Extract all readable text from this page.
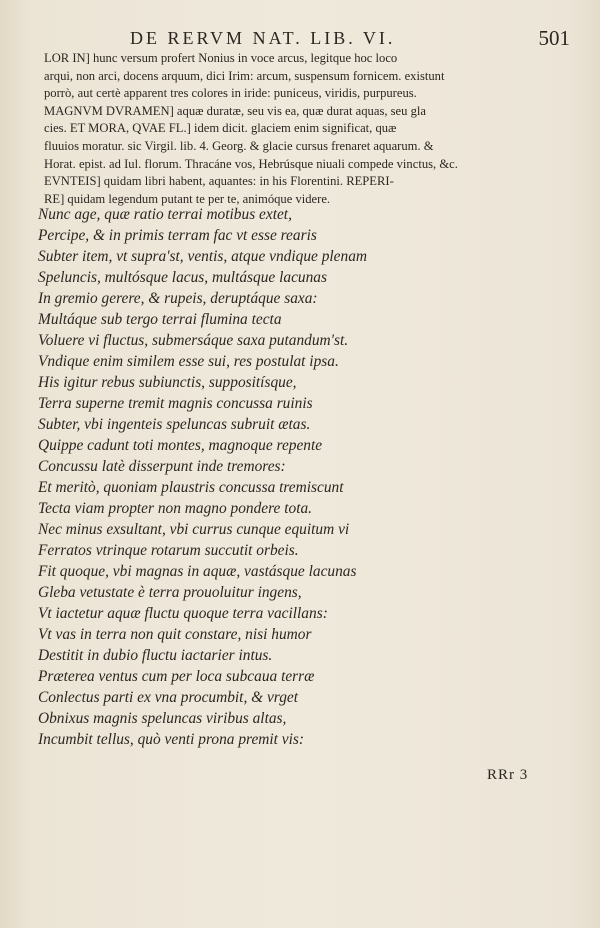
DE RERVM NAT. LIB. VI.	501
LOR IN] hunc versum profert Nonius in voce arcus, legitque hoc loco
arqui, non arci, docens arquum, dici Irim: arcum, suspensum fornicem. existunt
porrò, aut certè apparent tres colores in iride: puniceus, viridis, purpureus.
MAGNVM DVRAMEN] aquæ duratæ, seu vis ea, quæ durat aquas, seu gla
cies. ET MORA, QVAE FL.] idem dicit. glaciem enim significat, quæ
fluuios moratur. sic Virgil. lib. 4. Georg. & glacie cursus frenaret aquarum. &
Horat. epist. ad Iul. florum. Thracáne vos, Hebrúsque niuali compede vinctus, &c.
EVNTEIS] quidam libri habent, aquantes: in his Florentini. REPERI-
RE] quidam legendum putant te per te, animóque videre.
Nunc age, quæ ratio terrai motibus extet,
Percipe, & in primis terram fac vt esse rearis
Subter item, vt supra'st, ventis, atque vndique plenam
Speluncis, multósque lacus, multásque lacunas
In gremio gerere, & rupeis, deruptáque saxa:
Multáque sub tergo terrai flumina tecta
Voluere vi fluctus, submersáque saxa putandum'st.
Vndique enim similem esse sui, res postulat ipsa.
His igitur rebus subiunctis, suppositísque,
Terra superne tremit magnis concussa ruinis
Subter, vbi ingenteis speluncas subruit ætas.
Quippe cadunt toti montes, magnoque repente
Concussu latè disserpunt inde tremores:
Et meritò, quoniam plaustris concussa tremiscunt
Tecta viam propter non magno pondere tota.
Nec minus exsultant, vbi currus cunque equitum vi
Ferratos vtrinque rotarum succutit orbeis.
Fit quoque, vbi magnas in aquæ, vastásque lacunas
Gleba vetustate è terra prouoluitur ingens,
Vt iactetur aquæ fluctu quoque terra vacillans:
Vt vas in terra non quit constare, nisi humor
Destitit in dubio fluctu iactarier intus.
Præterea ventus cum per loca subcaua terræ
Conlectus parti ex vna procumbit, & vrget
Obnixus magnis speluncas viribus altas,
Incumbit tellus, quò venti prona premit vis:
RRr 3
